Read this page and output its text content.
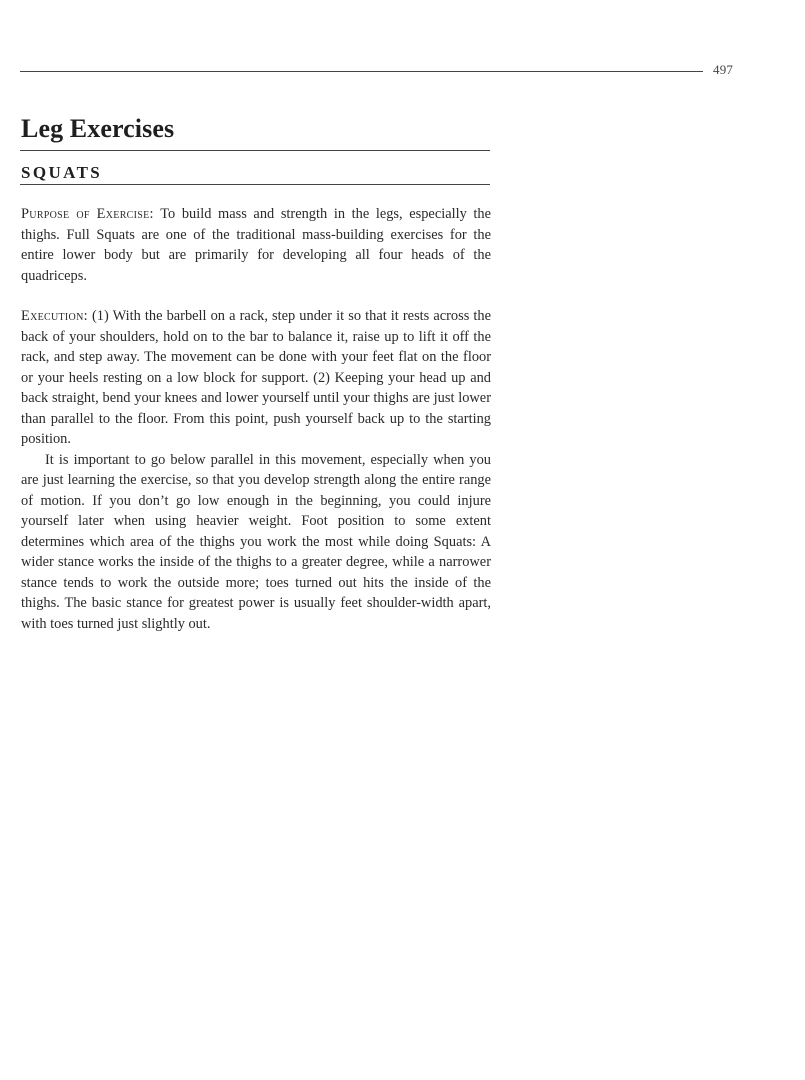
497
Leg Exercises
SQUATS

Purpose of Exercise: To build mass and strength in the legs, especially the thighs. Full Squats are one of the traditional mass-building exercises for the entire lower body but are primarily for developing all four heads of the quadriceps.

Execution: (1) With the barbell on a rack, step under it so that it rests across the back of your shoulders, hold on to the bar to balance it, raise up to lift it off the rack, and step away. The movement can be done with your feet flat on the floor or your heels resting on a low block for support. (2) Keeping your head up and back straight, bend your knees and lower yourself until your thighs are just lower than parallel to the floor. From this point, push yourself back up to the starting position.

It is important to go below parallel in this movement, especially when you are just learning the exercise, so that you develop strength along the entire range of motion. If you don’t go low enough in the beginning, you could injure yourself later when using heavier weight. Foot position to some extent determines which area of the thighs you work the most while doing Squats: A wider stance works the inside of the thighs to a greater degree, while a narrower stance tends to work the outside more; toes turned out hits the inside of the thighs. The basic stance for greatest power is usually feet shoulder-width apart, with toes turned just slightly out.
